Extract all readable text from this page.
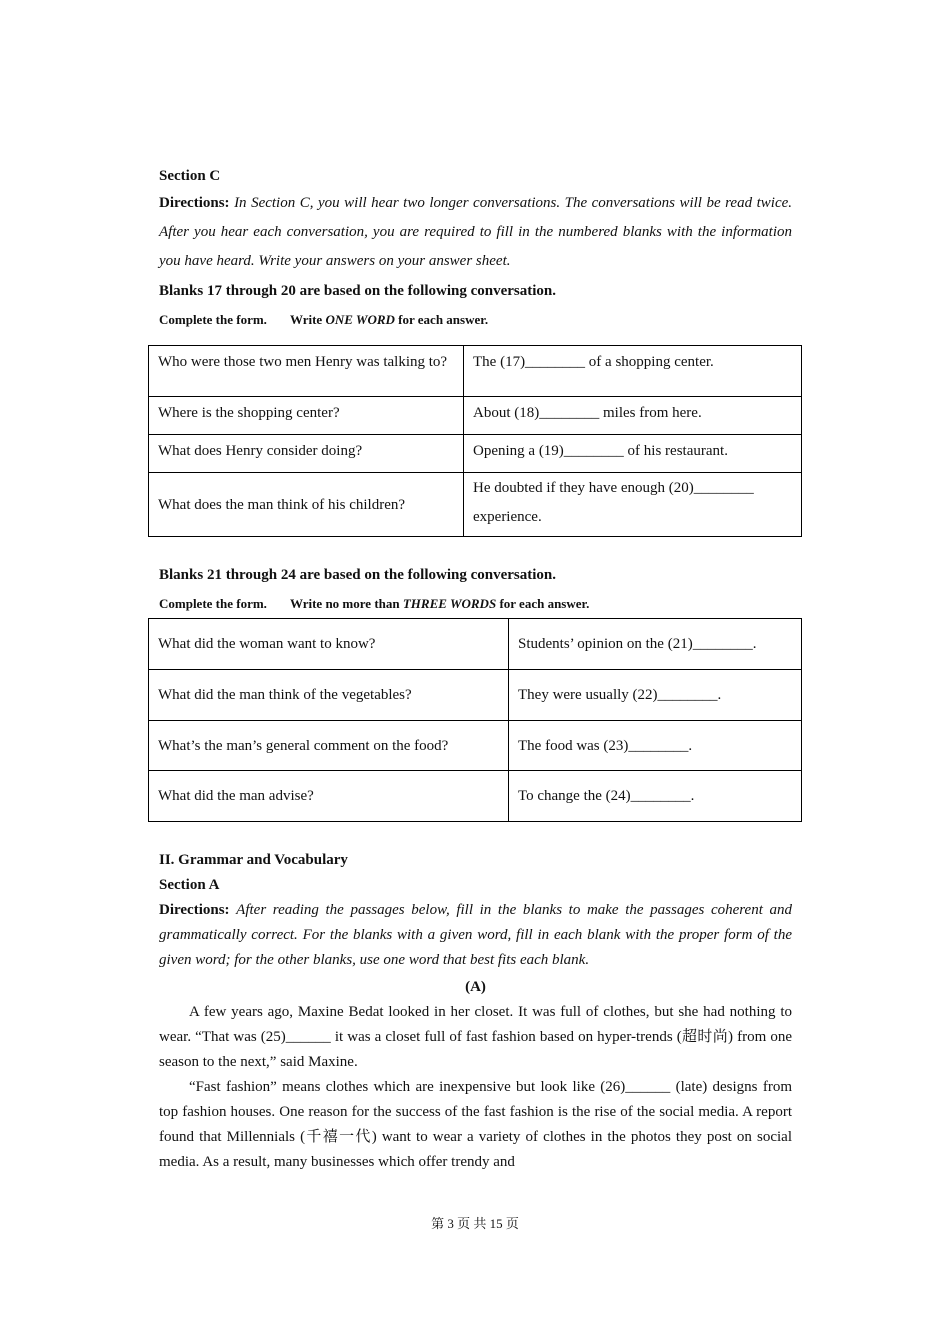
Section C

Directions: In Section C, you will hear two longer conversations. The conversations will be read twice. After you hear each conversation, you are required to fill in the numbered blanks with the information you have heard. Write your answers on your answer sheet.

Blanks 17 through 20 are based on the following conversation.
Complete the form. Write ONE WORD for each answer.
Who were those two men Henry was talking to?	The (17)________ of a shopping center.
Where is the shopping center?	About (18)________ miles from here.
What does Henry consider doing?	Opening a (19)________ of his restaurant.
What does the man think of his children?	He doubted if they have enough (20)________ experience.
Blanks 21 through 24 are based on the following conversation.
Complete the form. Write no more than THREE WORDS for each answer.
What did the woman want to know?	Students’ opinion on the (21)________.
What did the man think of the vegetables?	They were usually (22)________.
What’s the man’s general comment on the food?	The food was (23)________.
What did the man advise?	To change the (24)________.
II. Grammar and Vocabulary
Section A

Directions: After reading the passages below, fill in the blanks to make the passages coherent and grammatically correct. For the blanks with a given word, fill in each blank with the proper form of the given word; for the other blanks, use one word that best fits each blank.

(A)

A few years ago, Maxine Bedat looked in her closet. It was full of clothes, but she had nothing to wear. “That was (25)______ it was a closet full of fast fashion based on hyper-trends (超时尚) from one season to the next,” said Maxine.

“Fast fashion” means clothes which are inexpensive but look like (26)______ (late) designs from top fashion houses. One reason for the success of the fast fashion is the rise of the social media. A report found that Millennials (千禧一代) want to wear a variety of clothes in the photos they post on social media. As a result, many businesses which offer trendy and

第 3 页 共 15 页
